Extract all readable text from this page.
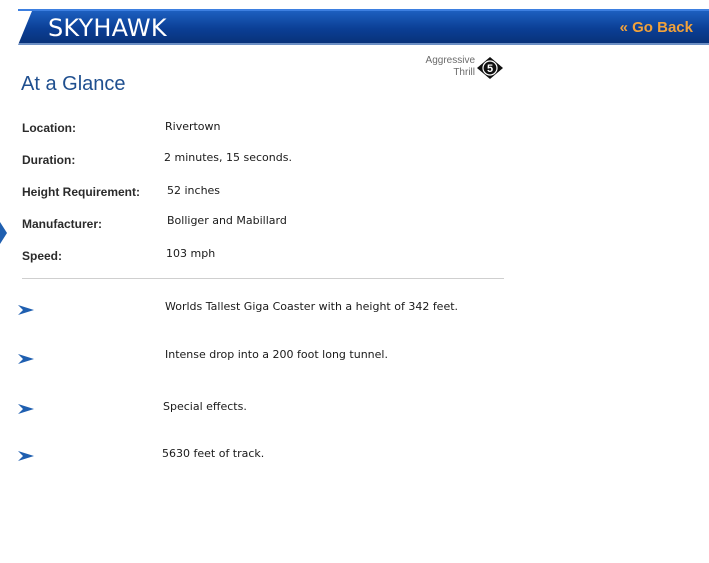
SKYHAWK	« Go Back
Aggressive
Thrill 5
At a Glance
Location:	Rivertown
Duration:	2 minutes, 15 seconds.
Height Requirement: 52 inches
Manufacturer:	Bolliger and Mabillard
Speed:	103 mph
Worlds Tallest Giga Coaster with a height of 342 feet.
Intense drop into a 200 foot long tunnel.
Special effects.
5630 feet of track.
